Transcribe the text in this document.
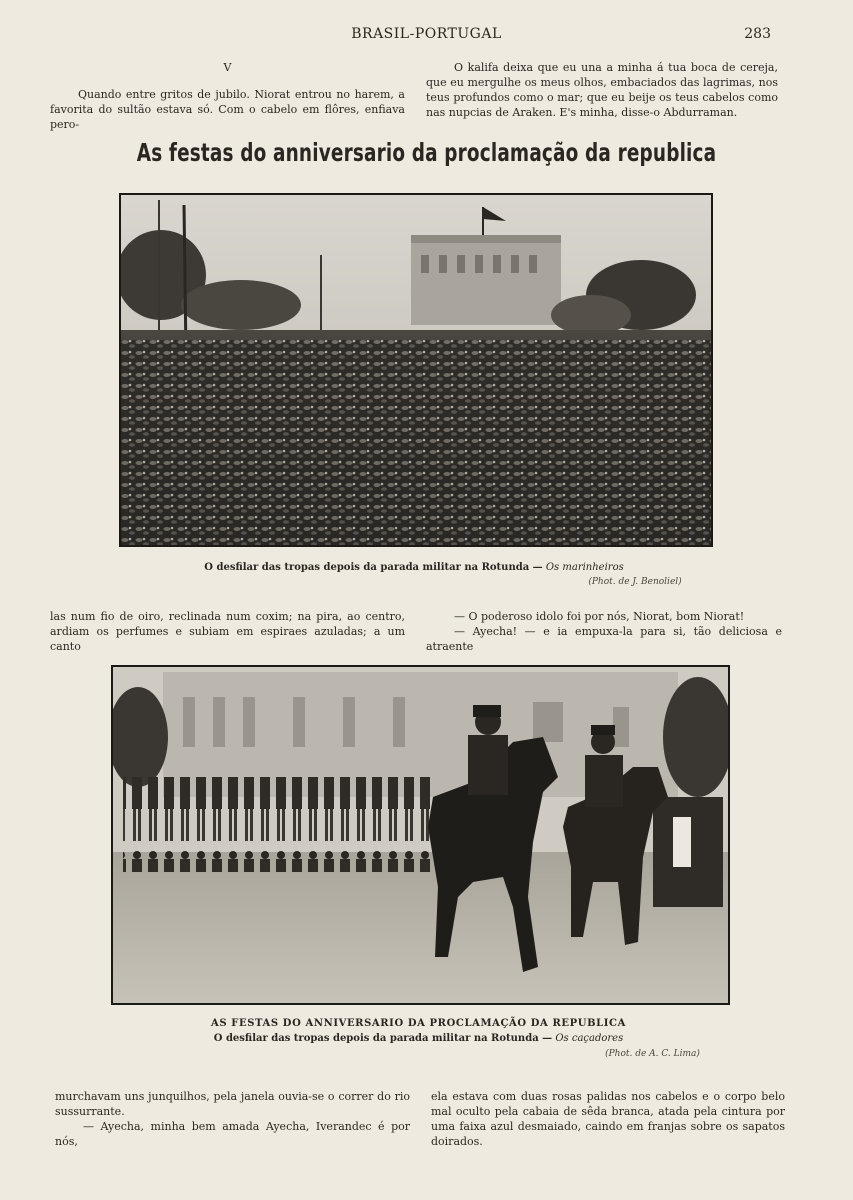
BRASIL-PORTUGAL	283

V

Quando entre gritos de jubilo. Niorat entrou no harem, a favorita do sultão estava só. Com o cabelo em flôres, enfiava pero-

O kalifa deixa que eu una a minha á tua boca de cereja, que eu mergulhe os meus olhos, embaciados das lagrimas, nos teus profundos como o mar; que eu beije os teus cabelos como nas nupcias de Araken. E's minha, disse-o Abdurraman.

As festas do anniversario da proclamação da republica
O desfilar das tropas depois da parada militar na Rotunda — Os marinheiros
(Phot. de J. Benoliel)

las num fio de oiro, reclinada num coxim; na pira, ao centro, ardiam os perfumes e subiam em espiraes azuladas; a um canto

— O poderoso idolo foi por nós, Niorat, bom Niorat!

— Ayecha! — e ia empuxa-la para si, tão deliciosa e atraente

AS FESTAS DO ANNIVERSARIO DA PROCLAMAÇÃO DA REPUBLICA
O desfilar das tropas depois da parada militar na Rotunda — Os caçadores
(Phot. de A. C. Lima)

murchavam uns junquilhos, pela janela ouvia-se o correr do rio sussurrante.

— Ayecha, minha bem amada Ayecha, Iverandec é por nós,

ela estava com duas rosas palidas nos cabelos e o corpo belo mal oculto pela cabaia de sêda branca, atada pela cintura por uma faixa azul desmaiado, caindo em franjas sobre os sapatos doirados.
